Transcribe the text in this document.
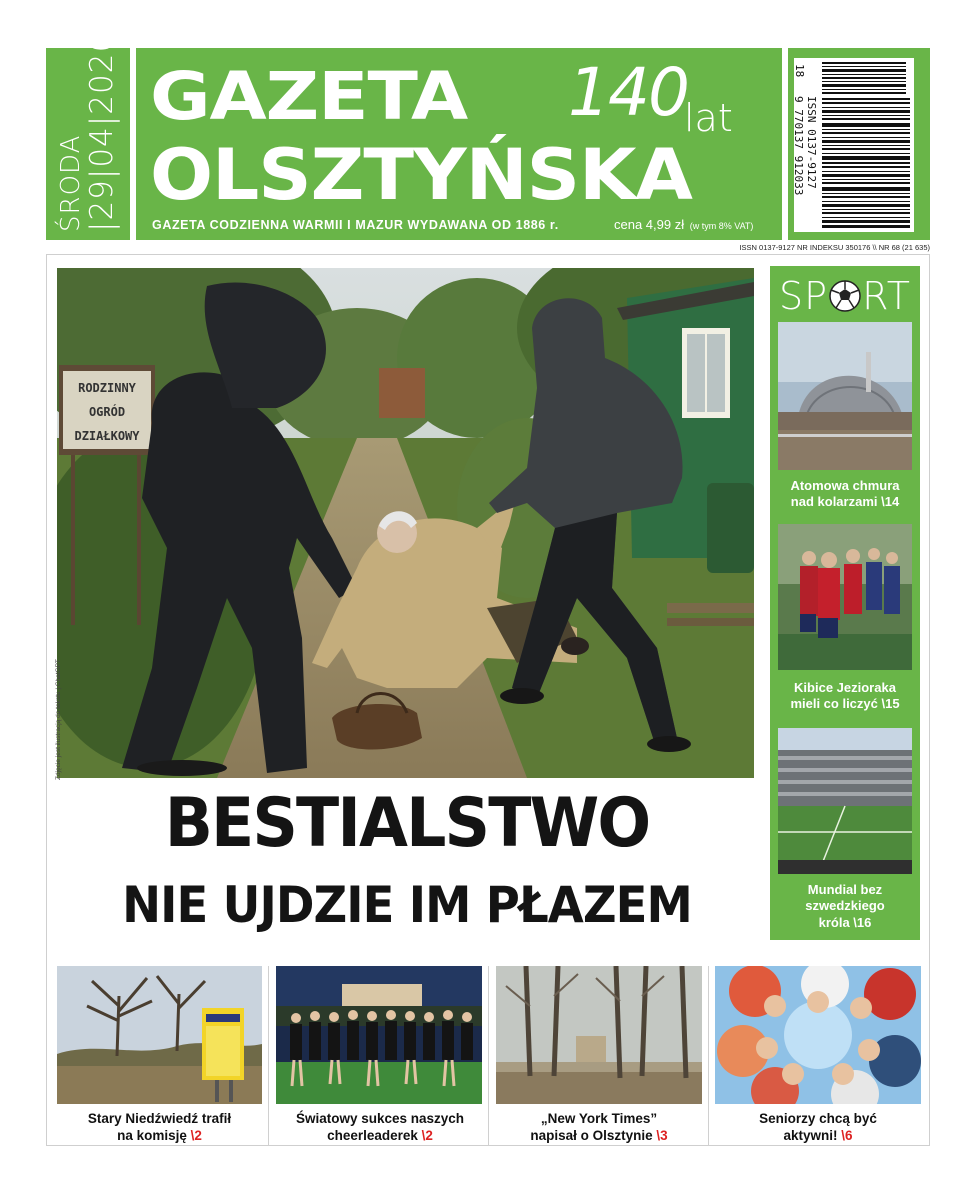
ŚRODA
|29|04|2026| GAZETA
OLSZTYŃSKA
140
lat
GAZETA CODZIENNA WARMII I MAZUR WYDAWANA OD 1886 r.	cena 4,99 zł (w tym 8% VAT)
ISSN 0137-9127
9 770137 912033
18
ISSN 0137-9127 NR INDEKSU 350176 \\ NR 68 (21 635)
RODZINNY
OGRÓD
DZIAŁKOWY
Zdjęcie jest ilustracją do tekstu | ChatGPT
BESTIALSTWO
NIE UJDZIE IM PŁAZEM
SP RT
Atomowa chmura
nad kolarzami \14
Kibice Jezioraka
mieli co liczyć \15
Mundial bez
szwedzkiego
króla \16
Stary Niedźwiedź trafił
na komisję \2
Światowy sukces naszych
cheerleaderek \2
„New York Times”
napisał o Olsztynie \3
Seniorzy chcą być
aktywni! \6
